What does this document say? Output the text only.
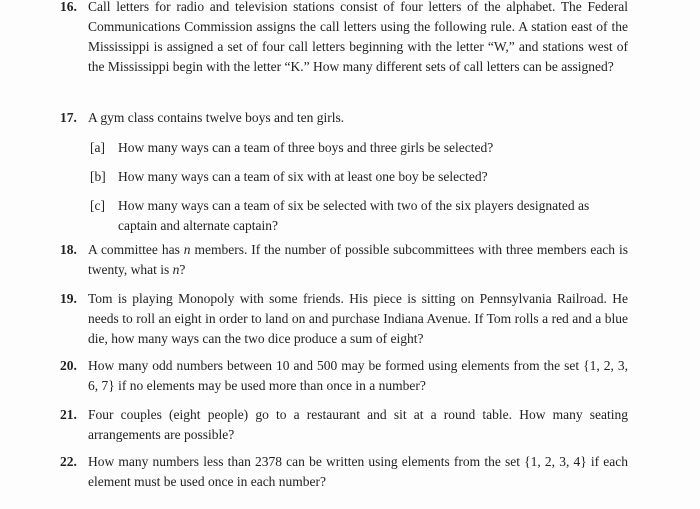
16. Call letters for radio and television stations consist of four letters of the alphabet. The Federal Communications Commission assigns the call letters using the following rule. A station east of the Mississippi is assigned a set of four call letters beginning with the letter “W,” and stations west of the Mississippi begin with the letter “K.” How many different sets of call letters can be assigned?
17. A gym class contains twelve boys and ten girls.
[a] How many ways can a team of three boys and three girls be selected?
[b] How many ways can a team of six with at least one boy be selected?
[c] How many ways can a team of six be selected with two of the six players designated as captain and alternate captain?
18. A committee has n members. If the number of possible subcommittees with three members each is twenty, what is n?
19. Tom is playing Monopoly with some friends. His piece is sitting on Pennsylvania Railroad. He needs to roll an eight in order to land on and purchase Indiana Avenue. If Tom rolls a red and a blue die, how many ways can the two dice produce a sum of eight?
20. How many odd numbers between 10 and 500 may be formed using elements from the set {1, 2, 3, 6, 7} if no elements may be used more than once in a number?
21. Four couples (eight people) go to a restaurant and sit at a round table. How many seating arrangements are possible?
22. How many numbers less than 2378 can be written using elements from the set {1, 2, 3, 4} if each element must be used once in each number?
